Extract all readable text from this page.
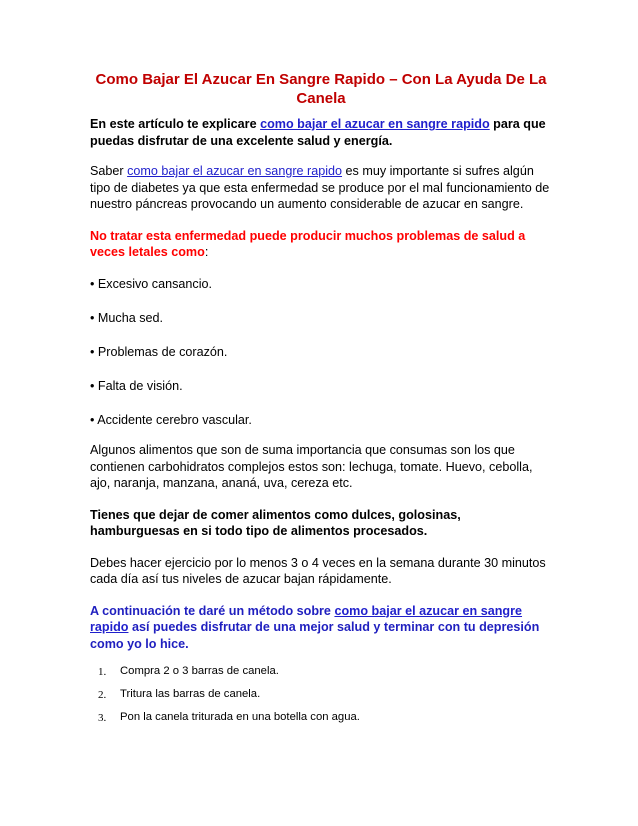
Como Bajar El Azucar En Sangre Rapido – Con La Ayuda De La Canela

En este artículo te explicare como bajar el azucar en sangre rapido para que puedas disfrutar de una excelente salud y energía.

Saber como bajar el azucar en sangre rapido es muy importante si sufres algún tipo de diabetes ya que esta enfermedad se produce por el mal funcionamiento de nuestro páncreas provocando un aumento considerable de azucar en sangre.

No tratar esta enfermedad puede producir muchos problemas de salud a veces letales como:

• Excesivo cansancio.

• Mucha sed.

• Problemas de corazón.

• Falta de visión.

• Accidente cerebro vascular.

Algunos alimentos que son de suma importancia que consumas son los que contienen carbohidratos complejos estos son: lechuga, tomate. Huevo, cebolla, ajo, naranja, manzana, ananá, uva, cereza etc.

Tienes que dejar de comer alimentos como dulces, golosinas, hamburguesas en si todo tipo de alimentos procesados.

Debes hacer ejercicio por lo menos 3 o 4 veces en la semana durante 30 minutos cada día así tus niveles de azucar bajan rápidamente.

A continuación te daré un método sobre como bajar el azucar en sangre rapido así puedes disfrutar de una mejor salud y terminar con tu depresión como yo lo hice.

1. Compra 2 o 3 barras de canela.
2. Tritura las barras de canela.
3. Pon la canela triturada en una botella con agua.
